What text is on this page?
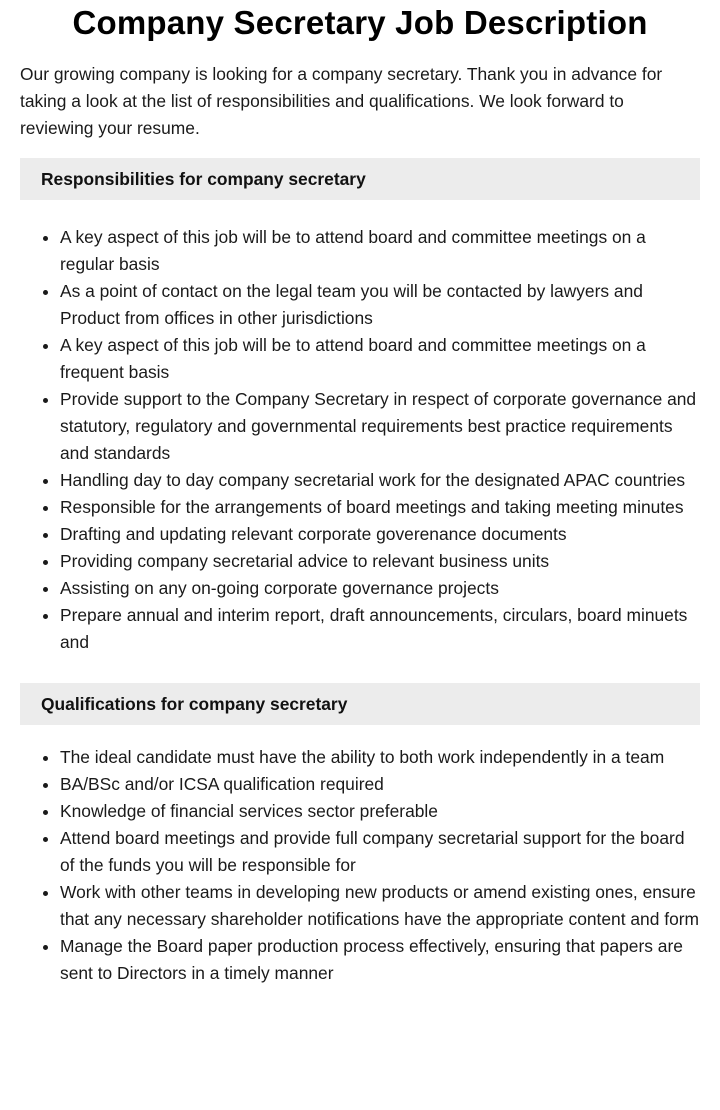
Company Secretary Job Description

Our growing company is looking for a company secretary. Thank you in advance for taking a look at the list of responsibilities and qualifications. We look forward to reviewing your resume.

Responsibilities for company secretary
• A key aspect of this job will be to attend board and committee meetings on a regular basis
• As a point of contact on the legal team you will be contacted by lawyers and Product from offices in other jurisdictions
• A key aspect of this job will be to attend board and committee meetings on a frequent basis
• Provide support to the Company Secretary in respect of corporate governance and statutory, regulatory and governmental requirements best practice requirements and standards
• Handling day to day company secretarial work for the designated APAC countries
• Responsible for the arrangements of board meetings and taking meeting minutes
• Drafting and updating relevant corporate goverenance documents
• Providing company secretarial advice to relevant business units
• Assisting on any on-going corporate governance projects
• Prepare annual and interim report, draft announcements, circulars, board minuets and
Qualifications for company secretary
• The ideal candidate must have the ability to both work independently in a team
• BA/BSc and/or ICSA qualification required
• Knowledge of financial services sector preferable
• Attend board meetings and provide full company secretarial support for the board of the funds you will be responsible for
• Work with other teams in developing new products or amend existing ones, ensure that any necessary shareholder notifications have the appropriate content and form
• Manage the Board paper production process effectively, ensuring that papers are sent to Directors in a timely manner
